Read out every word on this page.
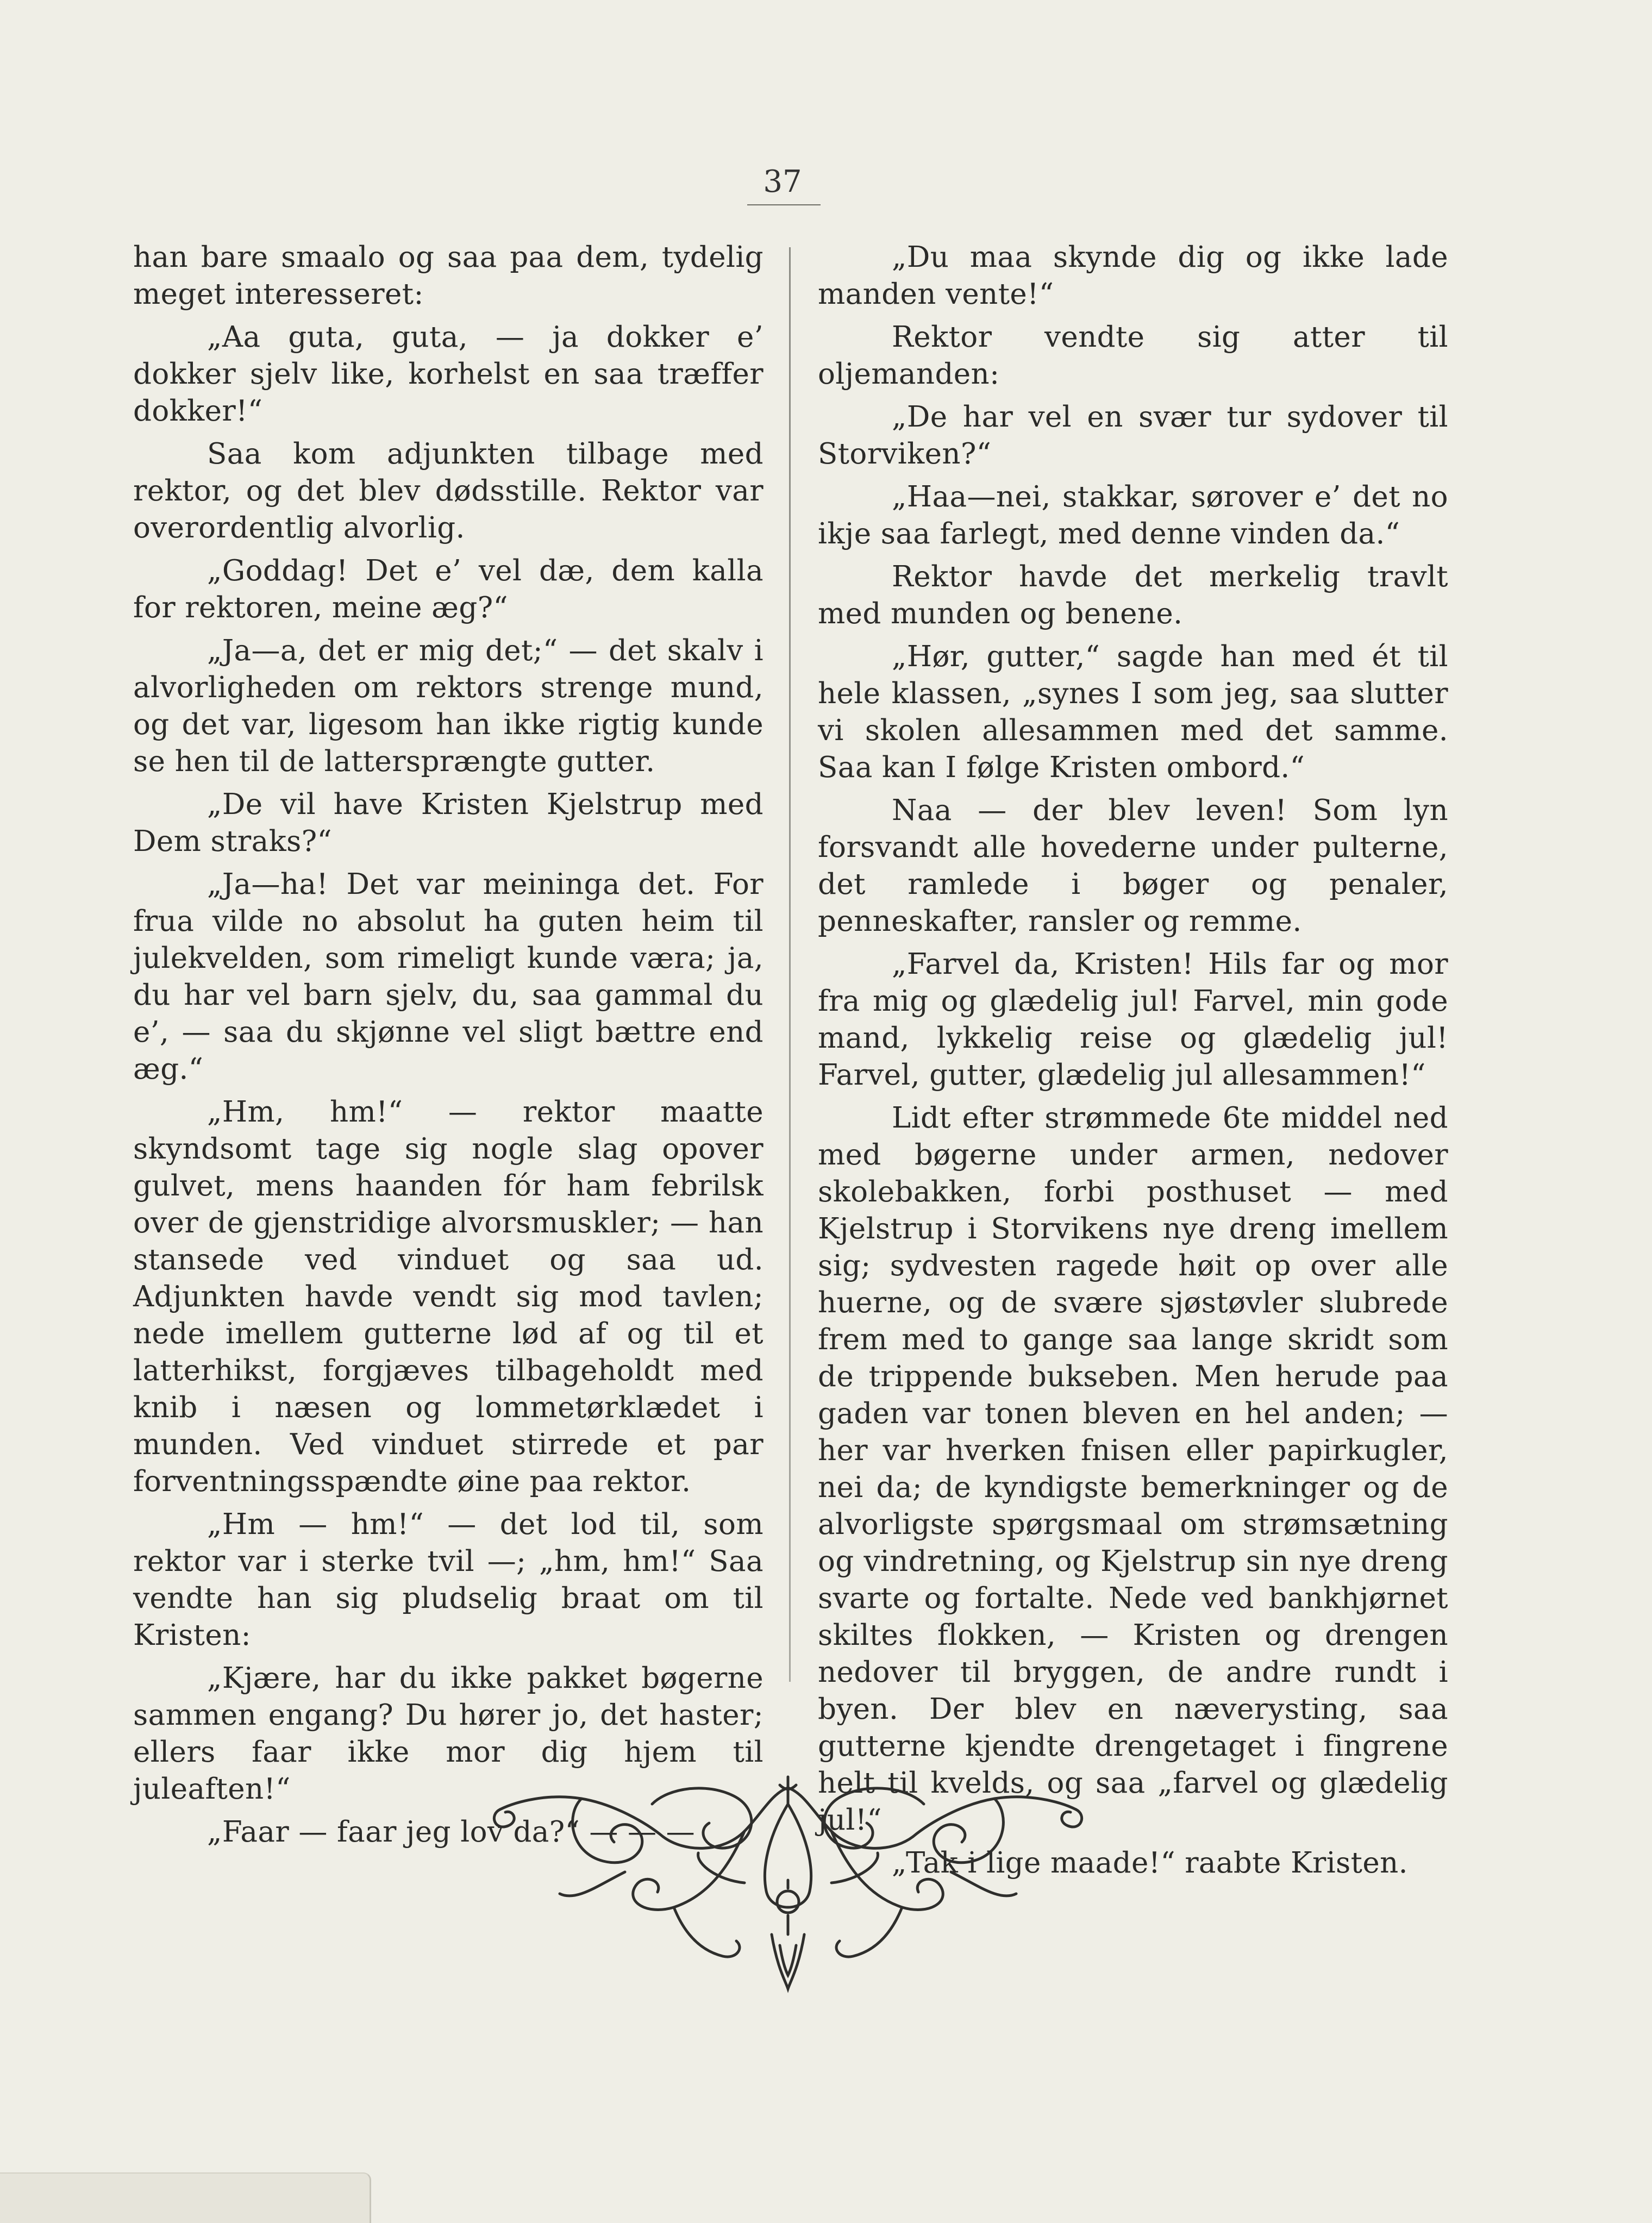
37

han bare smaalo og saa paa dem, tydelig meget interesseret:

„Aa guta, guta, — ja dokker e’ dokker sjelv like, korhelst en saa træffer dokker!“

Saa kom adjunkten tilbage med rektor, og det blev dødsstille. Rektor var overordentlig alvorlig.

„Goddag! Det e’ vel dæ, dem kalla for rektoren, meine æg?“

„Ja—a, det er mig det;“ — det skalv i alvorligheden om rektors strenge mund, og det var, ligesom han ikke rigtig kunde se hen til de lattersprængte gutter.

„De vil have Kristen Kjelstrup med Dem straks?“

„Ja—ha! Det var meininga det. For frua vilde no absolut ha guten heim til julekvelden, som rimeligt kunde væra; ja, du har vel barn sjelv, du, saa gammal du e’, — saa du skjønne vel sligt bættre end æg.“

„Hm, hm!“ — rektor maatte skyndsomt tage sig nogle slag opover gulvet, mens haanden fór ham febrilsk over de gjenstridige alvorsmuskler; — han stansede ved vinduet og saa ud. Adjunkten havde vendt sig mod tavlen; nede imellem gutterne lød af og til et latterhikst, forgjæves tilbageholdt med knib i næsen og lommetørklædet i munden. Ved vinduet stirrede et par forventningsspændte øine paa rektor.

„Hm — hm!“ — det lod til, som rektor var i sterke tvil —; „hm, hm!“ Saa vendte han sig pludselig braat om til Kristen:

„Kjære, har du ikke pakket bøgerne sammen engang? Du hører jo, det haster; ellers faar ikke mor dig hjem til juleaften!“

„Faar — faar jeg lov da?“ — — —

„Du maa skynde dig og ikke lade manden vente!“

Rektor vendte sig atter til oljemanden:

„De har vel en svær tur sydover til Storviken?“

„Haa—nei, stakkar, sørover e’ det no ikje saa farlegt, med denne vinden da.“

Rektor havde det merkelig travlt med munden og benene.

„Hør, gutter,“ sagde han med ét til hele klassen, „synes I som jeg, saa slutter vi skolen allesammen med det samme. Saa kan I følge Kristen ombord.“

Naa — der blev leven! Som lyn forsvandt alle hovederne under pulterne, det ramlede i bøger og penaler, penneskafter, ransler og remme.

„Farvel da, Kristen! Hils far og mor fra mig og glædelig jul! Farvel, min gode mand, lykkelig reise og glædelig jul! Farvel, gutter, glædelig jul allesammen!“

Lidt efter strømmede 6te middel ned med bøgerne under armen, nedover skolebakken, forbi posthuset — med Kjelstrup i Storvikens nye dreng imellem sig; sydvesten ragede høit op over alle huerne, og de svære sjøstøvler slubrede frem med to gange saa lange skridt som de trippende bukseben. Men herude paa gaden var tonen bleven en hel anden; — her var hverken fnisen eller papirkugler, nei da; de kyndigste bemerkninger og de alvorligste spørgsmaal om strømsætning og vindretning, og Kjelstrup sin nye dreng svarte og fortalte. Nede ved bankhjørnet skiltes flokken, — Kristen og drengen nedover til bryggen, de andre rundt i byen. Der blev en næverysting, saa gutterne kjendte drengetaget i fingrene helt til kvelds, og saa „farvel og glædelig jul!“

„Tak i lige maade!“ raabte Kristen.
